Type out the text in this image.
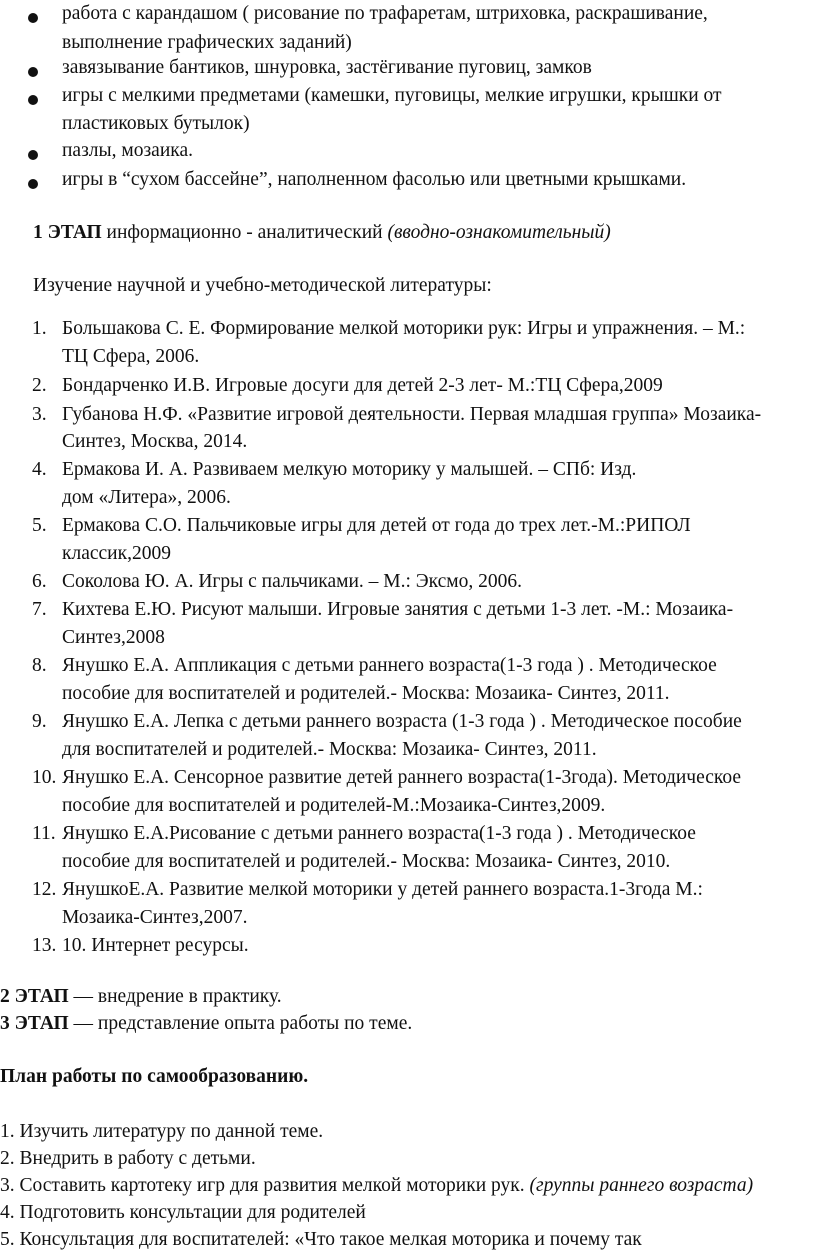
работа с карандашом ( рисование по трафаретам, штриховка, раскрашивание,
выполнение графических заданий)
завязывание бантиков, шнуровка, застёгивание пуговиц, замков
игры с мелкими предметами (камешки, пуговицы, мелкие игрушки, крышки от
пластиковых бутылок)
пазлы, мозаика.
игры в “сухом бассейне”, наполненном фасолью или цветными крышками.
1 ЭТАП информационно - аналитический (вводно-ознакомительный)
Изучение научной и учебно-методической литературы:
1. Большакова С. Е. Формирование мелкой моторики рук: Игры и упражнения. – М.:
ТЦ Сфера, 2006.
2. Бондарченко И.В. Игровые досуги для детей 2-3 лет- М.:ТЦ Сфера,2009
3. Губанова Н.Ф. «Развитие игровой деятельности. Первая младшая группа» Мозаика-
Синтез, Москва, 2014.
4. Ермакова И. А. Развиваем мелкую моторику у малышей. – СПб: Изд.
дом «Литера», 2006.
5. Ермакова С.О. Пальчиковые игры для детей от года до трех лет.-М.:РИПОЛ
классик,2009
6. Соколова Ю. А. Игры с пальчиками. – М.: Эксмо, 2006.
7. Кихтева Е.Ю. Рисуют малыши. Игровые занятия с детьми 1-3 лет. -М.: Мозаика-
Синтез,2008
8. Янушко Е.А. Аппликация с детьми раннего возраста(1-3 года ) . Методическое
пособие для воспитателей и родителей.- Москва: Мозаика- Синтез, 2011.
9. Янушко Е.А. Лепка с детьми раннего возраста (1-3 года ) . Методическое пособие
для воспитателей и родителей.- Москва: Мозаика- Синтез, 2011.
10. Янушко Е.А. Сенсорное развитие детей раннего возраста(1-3года). Методическое
пособие для воспитателей и родителей-М.:Мозаика-Синтез,2009.
11. Янушко Е.А.Рисование с детьми раннего возраста(1-3 года ) . Методическое
пособие для воспитателей и родителей.- Москва: Мозаика- Синтез, 2010.
12. ЯнушкоЕ.А. Развитие мелкой моторики у детей раннего возраста.1-3года М.:
Мозаика-Синтез,2007.
13. 10. Интернет ресурсы.
2 ЭТАП — внедрение в практику.
3 ЭТАП — представление опыта работы по теме.
План работы по самообразованию.
1. Изучить литературу по данной теме.
2. Внедрить в работу с детьми.
3. Составить картотеку игр для развития мелкой моторики рук. (группы раннего возраста)
4. Подготовить консультации для родителей
5. Консультация для воспитателей: «Что такое мелкая моторика и почему так
